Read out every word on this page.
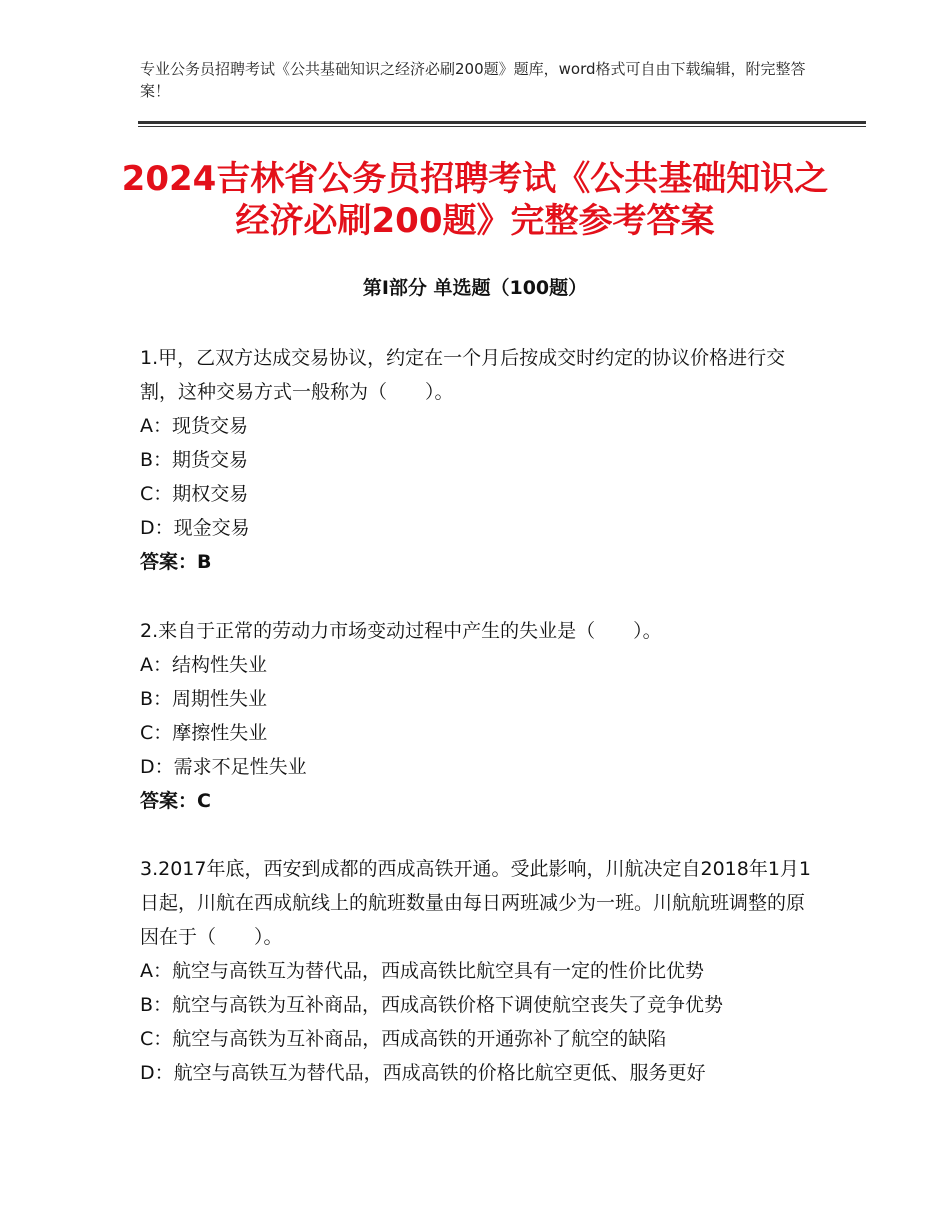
专业公务员招聘考试《公共基础知识之经济必刷200题》题库，word格式可自由下载编辑，附完整答案！
2024吉林省公务员招聘考试《公共基础知识之经济必刷200题》完整参考答案
第Ⅰ部分 单选题（100题）

1.甲，乙双方达成交易协议，约定在一个月后按成交时约定的协议价格进行交割，这种交易方式一般称为（　　）。

A：现货交易

B：期货交易

C：期权交易

D：现金交易

答案：B

2.来自于正常的劳动力市场变动过程中产生的失业是（　　）。

A：结构性失业

B：周期性失业

C：摩擦性失业

D：需求不足性失业

答案：C

3.2017年底，西安到成都的西成高铁开通。受此影响，川航决定自2018年1月1日起，川航在西成航线上的航班数量由每日两班减少为一班。川航航班调整的原因在于（　　）。

A：航空与高铁互为替代品，西成高铁比航空具有一定的性价比优势

B：航空与高铁为互补商品，西成高铁价格下调使航空丧失了竞争优势

C：航空与高铁为互补商品，西成高铁的开通弥补了航空的缺陷

D：航空与高铁互为替代品，西成高铁的价格比航空更低、服务更好
